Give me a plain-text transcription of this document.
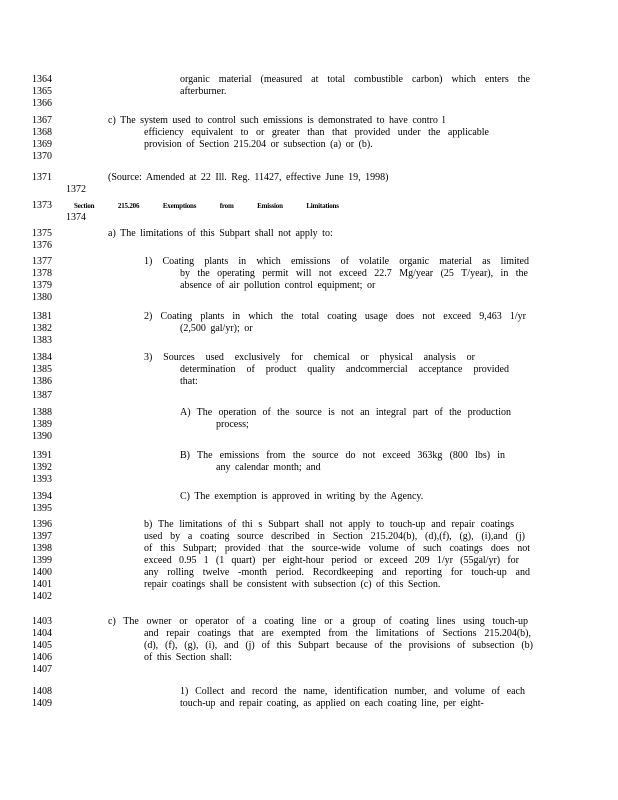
1364	organic material (measured at total combustible carbon) which enters the
1365	afterburner.
1366
1367	c) The system used to control such emissions is demonstrated to have contro l
1368	efficiency equivalent to or greater than that provided under the applicable
1369	provision of Section 215.204 or subsection (a) or (b).
1370
1371	(Source: Amended at 22 Ill. Reg. 11427, effective June 19, 1998)
1372
1373	Section 215.206 Exemptions from Emission Limitations
1374
1375	a) The limitations of this Subpart shall not apply to:
1376
1377	1) Coating plants in which emissions of volatile organic material as limited
1378	by the operating permit will not exceed 22.7 Mg/year (25 T/year), in the
1379	absence of air pollution control equipment; or
1380
1381	2) Coating plants in which the total coating usage does not exceed 9,463 1/yr
1382	(2,500 gal/yr); or
1383
1384	3) Sources used exclusively for chemical or physical analysis or
1385	determination of product quality andcommercial acceptance provided
1386	that:
1387
1388	A) The operation of the source is not an integral part of the production
1389	process;
1390
1391	B) The emissions from the source do not exceed 363kg (800 lbs) in
1392	any calendar month; and
1393
1394	C) The exemption is approved in writing by the Agency.
1395
1396	b) The limitations of thi s Subpart shall not apply to touch-up and repair coatings
1397	used by a coating source described in Section 215.204(b), (d),(f), (g), (i),and (j)
1398	of this Subpart; provided that the source-wide volume of such coatings does not
1399	exceed 0.95 1 (1 quart) per eight-hour period or exceed 209 1/yr (55gal/yr) for
1400	any rolling twelve -month period. Recordkeeping and reporting for touch-up and
1401	repair coatings shall be consistent with subsection (c) of this Section.
1402
1403	c) The owner or operator of a coating line or a group of coating lines using touch-up
1404	and repair coatings that are exempted from the limitations of Sections 215.204(b),
1405	(d), (f), (g), (i), and (j) of this Subpart because of the provisions of subsection (b)
1406	of this Section shall:
1407
1408	1) Collect and record the name, identification number, and volume of each
1409	touch-up and repair coating, as applied on each coating line, per eight-
